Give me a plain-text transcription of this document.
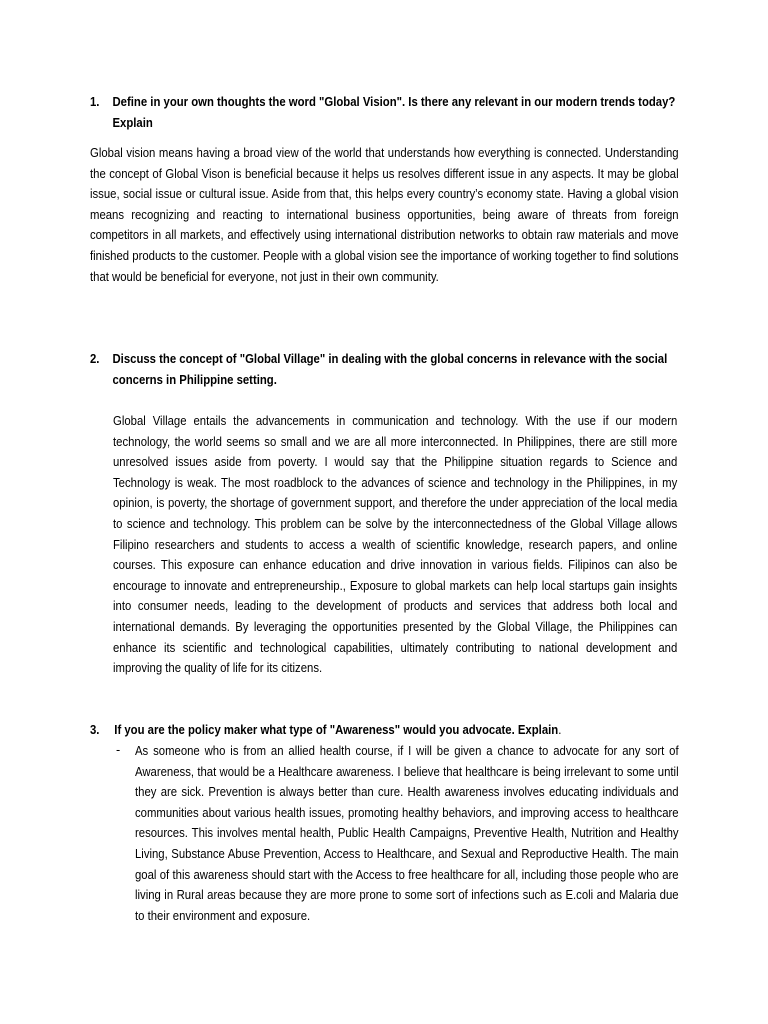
1. Define in your own thoughts the word "Global Vision". Is there any relevant in our modern trends today? Explain
Global vision means having a broad view of the world that understands how everything is connected. Understanding the concept of Global Vison is beneficial because it helps us resolves different issue in any aspects. It may be global issue, social issue or cultural issue. Aside from that, this helps every country’s economy state. Having a global vision means recognizing and reacting to international business opportunities, being aware of threats from foreign competitors in all markets, and effectively using international distribution networks to obtain raw materials and move finished products to the customer. People with a global vision see the importance of working together to find solutions that would be beneficial for everyone, not just in their own community.
2. Discuss the concept of "Global Village" in dealing with the global concerns in relevance with the social concerns in Philippine setting.
Global Village entails the advancements in communication and technology. With the use if our modern technology, the world seems so small and we are all more interconnected. In Philippines, there are still more unresolved issues aside from poverty. I would say that the Philippine situation regards to Science and Technology is weak. The most roadblock to the advances of science and technology in the Philippines, in my opinion, is poverty, the shortage of government support, and therefore the under appreciation of the local media to science and technology. This problem can be solve by the interconnectedness of the Global Village allows Filipino researchers and students to access a wealth of scientific knowledge, research papers, and online courses. This exposure can enhance education and drive innovation in various fields. Filipinos can also be encourage to innovate and entrepreneurship., Exposure to global markets can help local startups gain insights into consumer needs, leading to the development of products and services that address both local and international demands. By leveraging the opportunities presented by the Global Village, the Philippines can enhance its scientific and technological capabilities, ultimately contributing to national development and improving the quality of life for its citizens.
3. If you are the policy maker what type of "Awareness" would you advocate. Explain.
- As someone who is from an allied health course, if I will be given a chance to advocate for any sort of Awareness, that would be a Healthcare awareness. I believe that healthcare is being irrelevant to some until they are sick. Prevention is always better than cure. Health awareness involves educating individuals and communities about various health issues, promoting healthy behaviors, and improving access to healthcare resources. This involves mental health, Public Health Campaigns, Preventive Health, Nutrition and Healthy Living, Substance Abuse Prevention, Access to Healthcare, and Sexual and Reproductive Health. The main goal of this awareness should start with the Access to free healthcare for all, including those people who are living in Rural areas because they are more prone to some sort of infections such as E.coli and Malaria due to their environment and exposure.
